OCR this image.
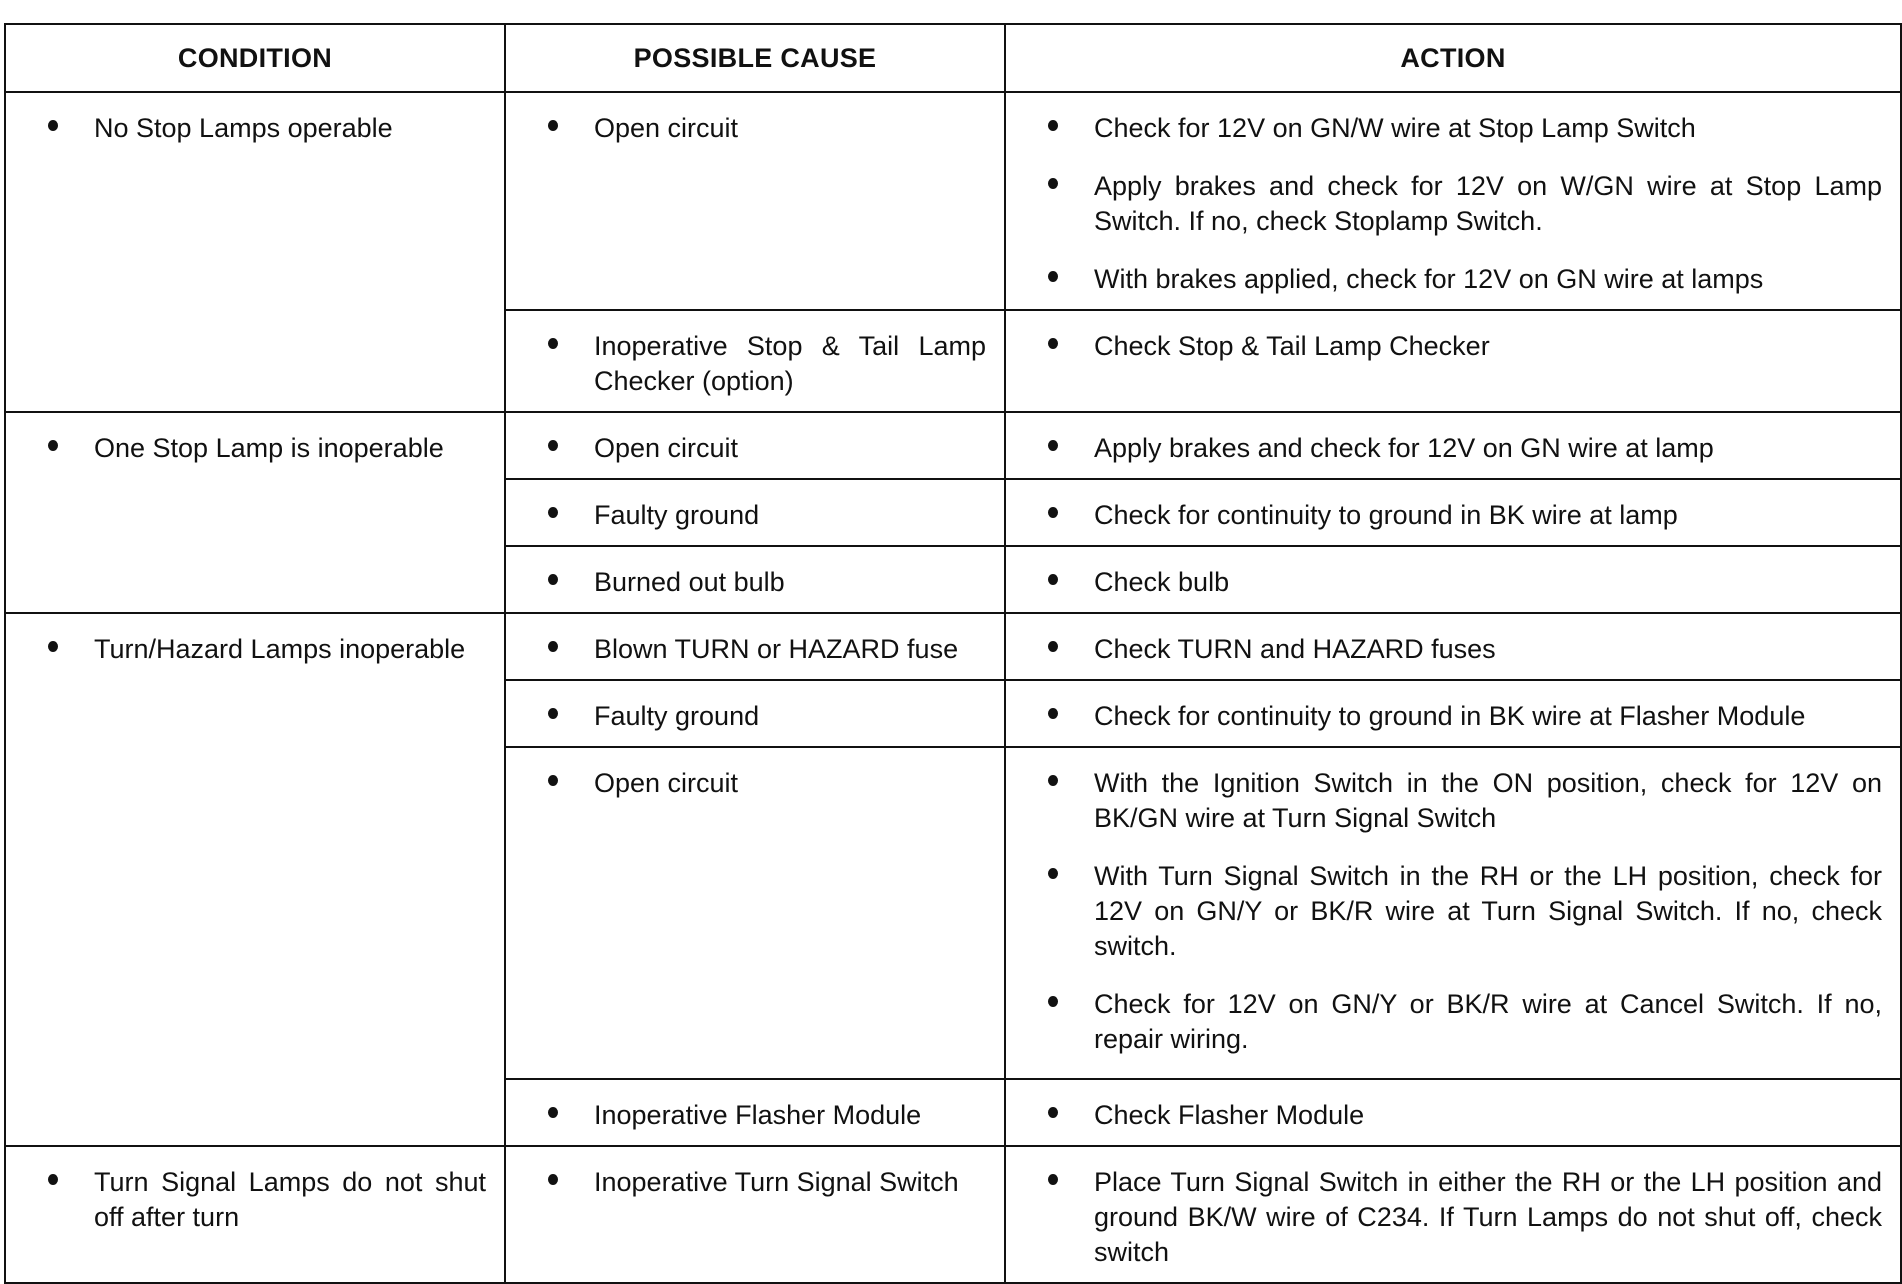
CONDITION	POSSIBLE CAUSE	ACTION

No Stop Lamps operable	Open circuit	Check for 12V on GN/W wire at Stop Lamp Switch
Apply brakes and check for 12V on W/GN wire at Stop Lamp Switch. If no, check Stoplamp Switch.
With brakes applied, check for 12V on GN wire at lamps

Inoperative Stop & Tail Lamp Checker (option)	Check Stop & Tail Lamp Checker

One Stop Lamp is inoperable	Open circuit	Apply brakes and check for 12V on GN wire at lamp

Faulty ground	Check for continuity to ground in BK wire at lamp

Burned out bulb	Check bulb

Turn/Hazard Lamps inoperable	Blown TURN or HAZARD fuse	Check TURN and HAZARD fuses

Faulty ground	Check for continuity to ground in BK wire at Flasher Module

Open circuit	With the Ignition Switch in the ON position, check for 12V on BK/GN wire at Turn Signal Switch
With Turn Signal Switch in the RH or the LH position, check for 12V on GN/Y or BK/R wire at Turn Signal Switch. If no, check switch.
Check for 12V on GN/Y or BK/R wire at Cancel Switch. If no, repair wiring.

Inoperative Flasher Module	Check Flasher Module

Turn Signal Lamps do not shut off after turn	Inoperative Turn Signal Switch	Place Turn Signal Switch in either the RH or the LH position and ground BK/W wire of C234. If Turn Lamps do not shut off, check switch
